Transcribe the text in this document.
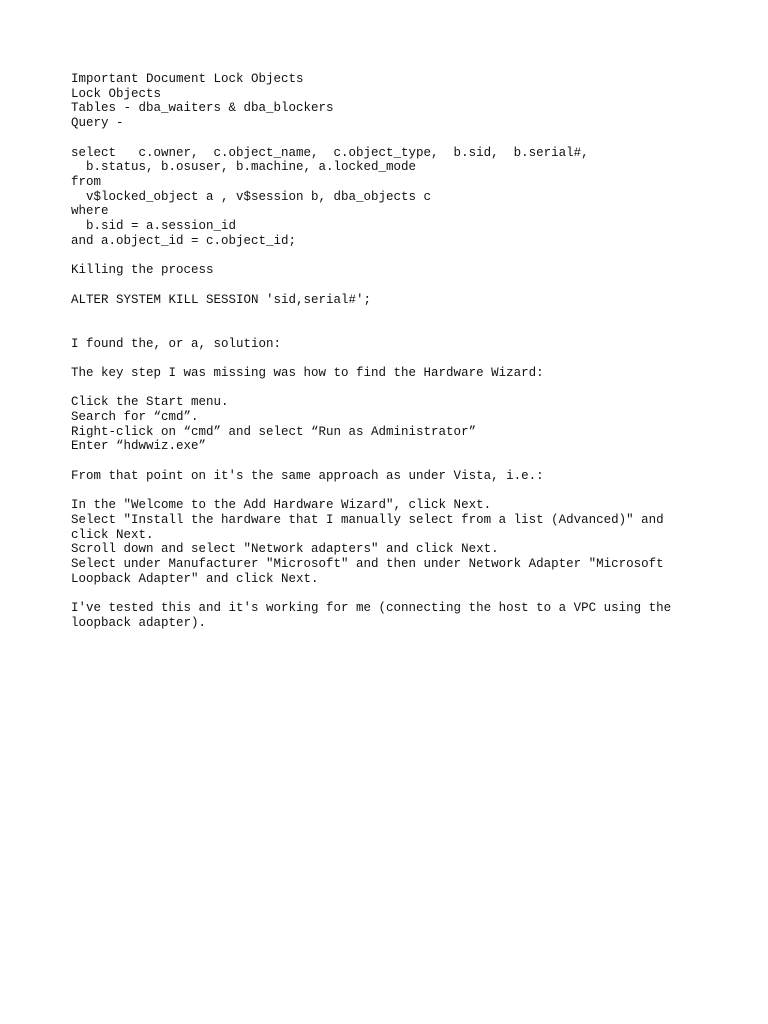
Important Document Lock Objects
Lock Objects
Tables - dba_waiters & dba_blockers
Query -
select   c.owner,  c.object_name,  c.object_type,  b.sid,  b.serial#,
b.status, b.osuser, b.machine, a.locked_mode
from
v$locked_object a , v$session b, dba_objects c
where
b.sid = a.session_id
and a.object_id = c.object_id;
Killing the process
ALTER SYSTEM KILL SESSION 'sid,serial#';
I found the, or a, solution:
The key step I was missing was how to find the Hardware Wizard:
Click the Start menu.
Search for “cmd”.
Right-click on “cmd” and select “Run as Administrator”
Enter “hdwwiz.exe”
From that point on it's the same approach as under Vista, i.e.:
In the "Welcome to the Add Hardware Wizard", click Next.
Select "Install the hardware that I manually select from a list (Advanced)" and
click Next.
Scroll down and select "Network adapters" and click Next.
Select under Manufacturer "Microsoft" and then under Network Adapter "Microsoft
Loopback Adapter" and click Next.
I've tested this and it's working for me (connecting the host to a VPC using the
loopback adapter).
